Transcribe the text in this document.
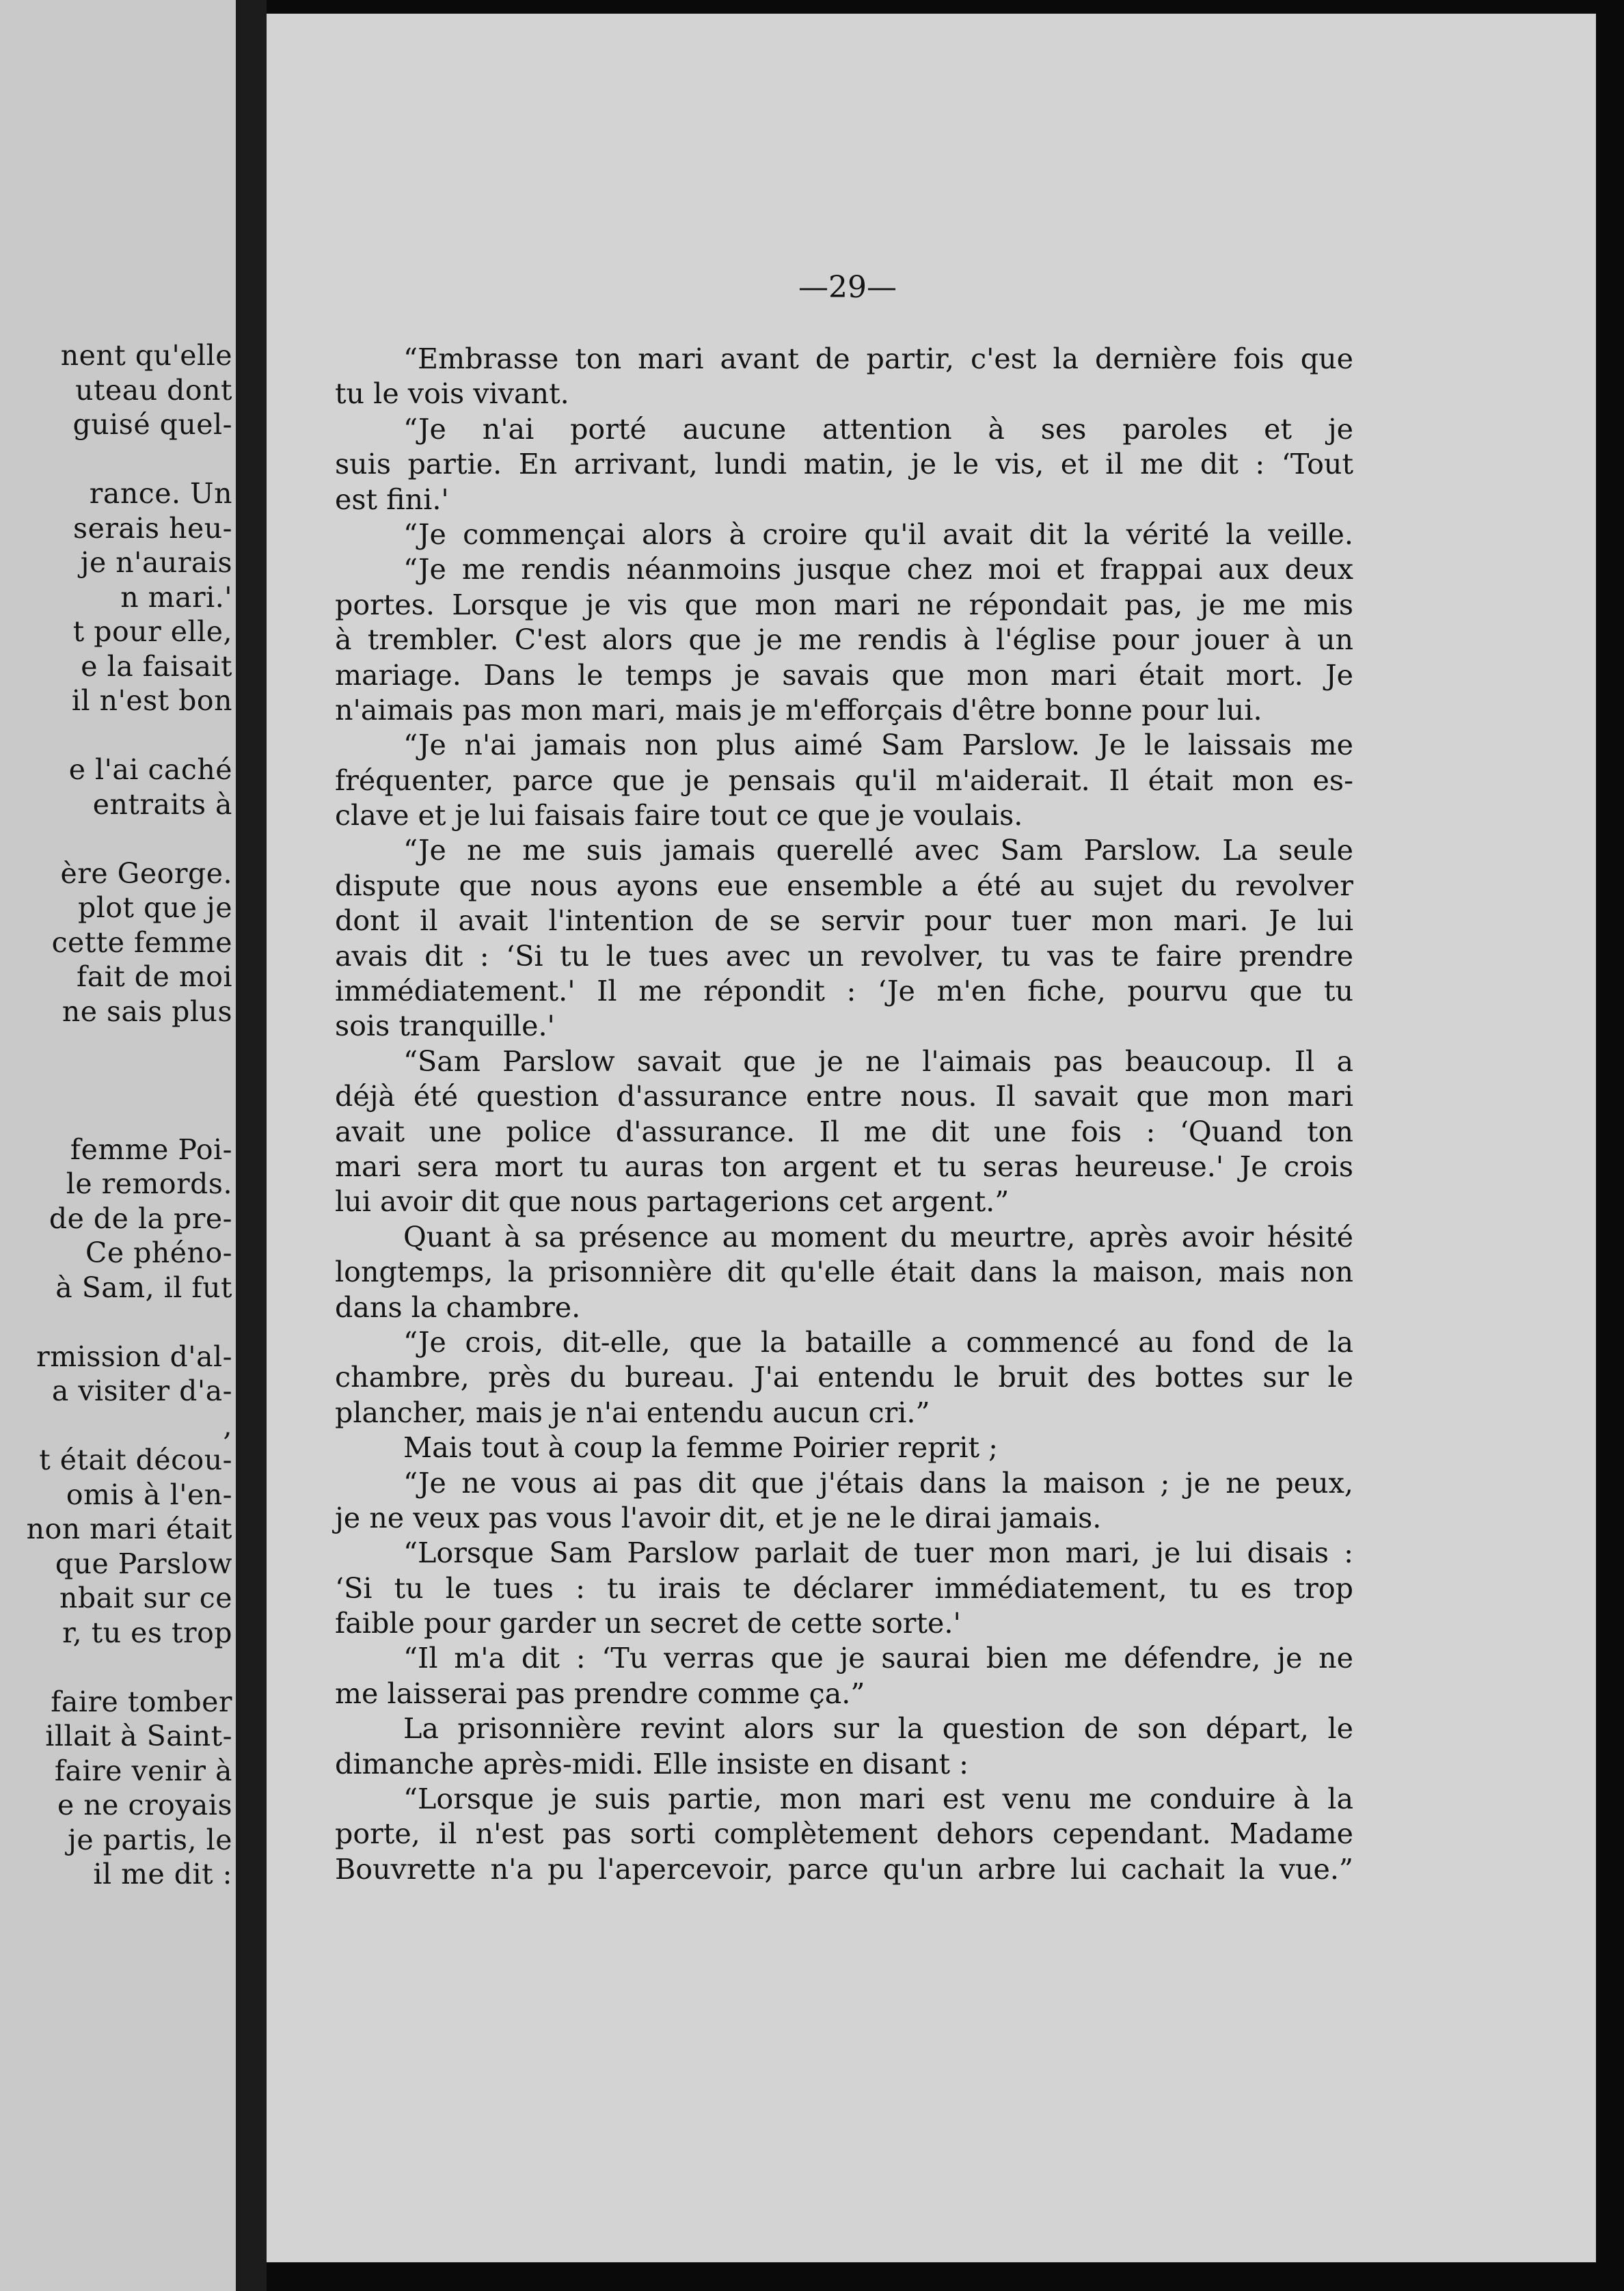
nent qu'elle
uteau dont
guisé quel-
rance. Un
serais heu-
je n'aurais
n mari.'
t pour elle,
e la faisait
il n'est bon
e l'ai caché
entraits à
ère George.
plot que je
cette femme
fait de moi
ne sais plus
femme Poi-
le remords.
de de la pre-
Ce phéno-
à Sam, il fut
rmission d'al-
a visiter d'a-
,
t était décou-
omis à l'en-
non mari était
que Parslow
nbait sur ce
r, tu es trop
faire tomber
illait à Saint-
faire venir à
e ne croyais
je partis, le
il me dit :
—29—
“Embrasse ton mari avant de partir, c'est la dernière fois que
tu le vois vivant.
“Je n'ai porté aucune attention à ses paroles et je
suis partie. En arrivant, lundi matin, je le vis, et il me dit : ‘Tout
est fini.'
“Je commençai alors à croire qu'il avait dit la vérité la veille.
“Je me rendis néanmoins jusque chez moi et frappai aux deux
portes. Lorsque je vis que mon mari ne répondait pas, je me mis
à trembler. C'est alors que je me rendis à l'église pour jouer à un
mariage. Dans le temps je savais que mon mari était mort. Je
n'aimais pas mon mari, mais je m'efforçais d'être bonne pour lui.
“Je n'ai jamais non plus aimé Sam Parslow. Je le laissais me
fréquenter, parce que je pensais qu'il m'aiderait. Il était mon es-
clave et je lui faisais faire tout ce que je voulais.
“Je ne me suis jamais querellé avec Sam Parslow. La seule
dispute que nous ayons eue ensemble a été au sujet du revolver
dont il avait l'intention de se servir pour tuer mon mari. Je lui
avais dit : ‘Si tu le tues avec un revolver, tu vas te faire prendre
immédiatement.' Il me répondit : ‘Je m'en fiche, pourvu que tu
sois tranquille.'
“Sam Parslow savait que je ne l'aimais pas beaucoup. Il a
déjà été question d'assurance entre nous. Il savait que mon mari
avait une police d'assurance. Il me dit une fois : ‘Quand ton
mari sera mort tu auras ton argent et tu seras heureuse.' Je crois
lui avoir dit que nous partagerions cet argent.”
Quant à sa présence au moment du meurtre, après avoir hésité
longtemps, la prisonnière dit qu'elle était dans la maison, mais non
dans la chambre.
“Je crois, dit-elle, que la bataille a commencé au fond de la
chambre, près du bureau. J'ai entendu le bruit des bottes sur le
plancher, mais je n'ai entendu aucun cri.”
Mais tout à coup la femme Poirier reprit ;
“Je ne vous ai pas dit que j'étais dans la maison ; je ne peux,
je ne veux pas vous l'avoir dit, et je ne le dirai jamais.
“Lorsque Sam Parslow parlait de tuer mon mari, je lui disais :
‘Si tu le tues : tu irais te déclarer immédiatement, tu es trop
faible pour garder un secret de cette sorte.'
“Il m'a dit : ‘Tu verras que je saurai bien me défendre, je ne
me laisserai pas prendre comme ça.”
La prisonnière revint alors sur la question de son départ, le
dimanche après-midi. Elle insiste en disant :
“Lorsque je suis partie, mon mari est venu me conduire à la
porte, il n'est pas sorti complètement dehors cependant. Madame
Bouvrette n'a pu l'apercevoir, parce qu'un arbre lui cachait la vue.”
